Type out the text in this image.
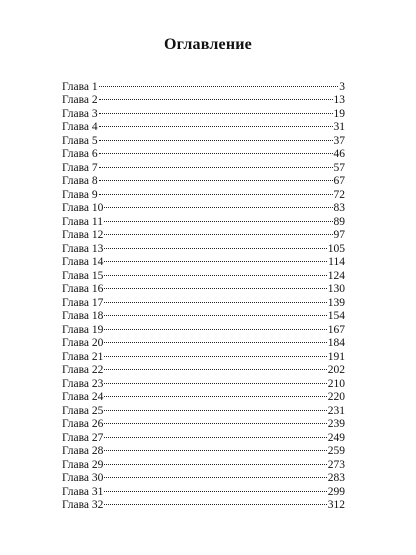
Оглавление
Глава 1	3
Глава 2	13
Глава 3	19
Глава 4	31
Глава 5	37
Глава 6	46
Глава 7	57
Глава 8	67
Глава 9	72
Глава 10	83
Глава 11	89
Глава 12	97
Глава 13	105
Глава 14	114
Глава 15	124
Глава 16	130
Глава 17	139
Глава 18	154
Глава 19	167
Глава 20	184
Глава 21	191
Глава 22	202
Глава 23	210
Глава 24	220
Глава 25	231
Глава 26	239
Глава 27	249
Глава 28	259
Глава 29	273
Глава 30	283
Глава 31	299
Глава 32	312
